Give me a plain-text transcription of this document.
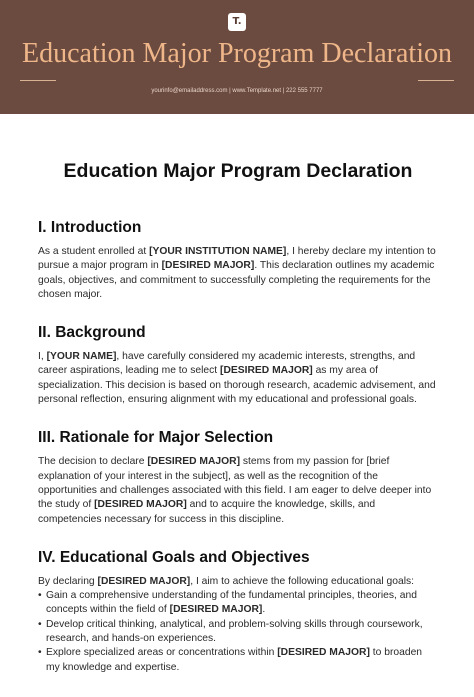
T.
Education Major Program Declaration
yourinfo@emailaddress.com | www.Template.net | 222 555 7777
Education Major Program Declaration
I. Introduction

As a student enrolled at [YOUR INSTITUTION NAME], I hereby declare my intention to pursue a major program in [DESIRED MAJOR]. This declaration outlines my academic goals, objectives, and commitment to successfully completing the requirements for the chosen major.

II. Background

I, [YOUR NAME], have carefully considered my academic interests, strengths, and career aspirations, leading me to select [DESIRED MAJOR] as my area of specialization. This decision is based on thorough research, academic advisement, and personal reflection, ensuring alignment with my educational and professional goals.

III. Rationale for Major Selection

The decision to declare [DESIRED MAJOR] stems from my passion for [brief explanation of your interest in the subject], as well as the recognition of the opportunities and challenges associated with this field. I am eager to delve deeper into the study of [DESIRED MAJOR] and to acquire the knowledge, skills, and competencies necessary for success in this discipline.

IV. Educational Goals and Objectives

By declaring [DESIRED MAJOR], I aim to achieve the following educational goals:

• Gain a comprehensive understanding of the fundamental principles, theories, and concepts within the field of [DESIRED MAJOR].
• Develop critical thinking, analytical, and problem-solving skills through coursework, research, and hands-on experiences.
• Explore specialized areas or concentrations within [DESIRED MAJOR] to broaden my knowledge and expertise.
